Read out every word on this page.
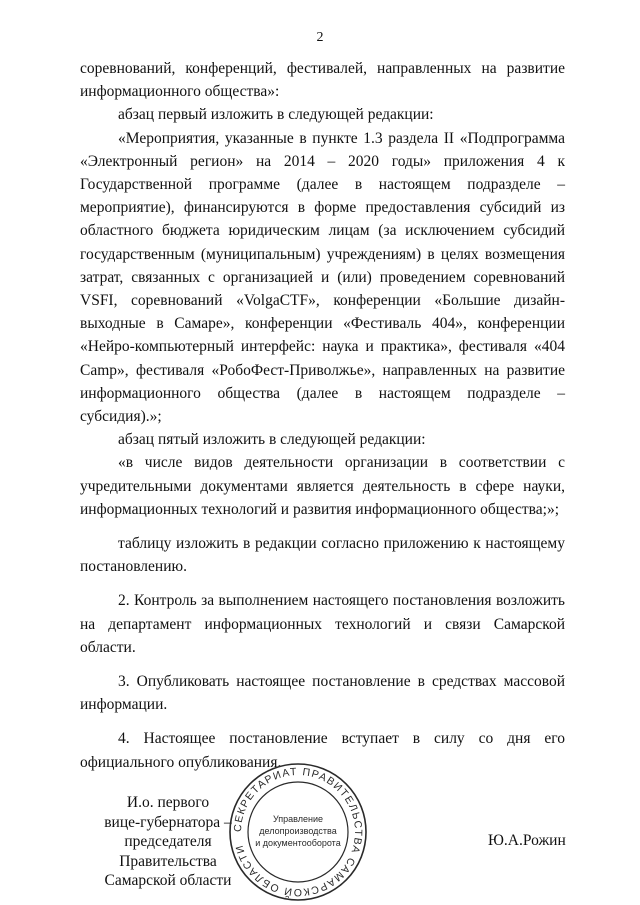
2

соревнований, конференций, фестивалей, направленных на развитие информационного общества»:

абзац первый изложить в следующей редакции:

«Мероприятия, указанные в пункте 1.3 раздела II «Подпрограмма «Электронный регион» на 2014 – 2020 годы» приложения 4 к Государственной программе (далее в настоящем подразделе – мероприятие), финансируются в форме предоставления субсидий из областного бюджета юридическим лицам (за исключением субсидий государственным (муниципальным) учреждениям) в целях возмещения затрат, связанных с организацией и (или) проведением соревнований VSFI, соревнований «VolgaCTF», конференции «Большие дизайн-выходные в Самаре», конференции «Фестиваль 404», конференции «Нейро-компьютерный интерфейс: наука и практика», фестиваля «404 Camp», фестиваля «РобоФест-Приволжье», направленных на развитие информационного общества (далее в настоящем подразделе – субсидия).»;

абзац пятый изложить в следующей редакции:

«в числе видов деятельности организации в соответствии с учредительными документами является деятельность в сфере науки, информационных технологий и развития информационного общества;»;

таблицу изложить в редакции согласно приложению к настоящему постановлению.

2. Контроль за выполнением настоящего постановления возложить на департамент информационных технологий и связи Самарской области.

3. Опубликовать настоящее постановление в средствах массовой информации.

4. Настоящее постановление вступает в силу со дня его официального опубликования.

И.о. первого
вице-губернатора –
председателя Правительства
Самарской области
СЕКРЕТАРИАТ ПРАВИТЕЛЬСТВА САМАРСКОЙ ОБЛАСТИ
Управление
делопроизводства
и документооборота	Ю.А.Рожин
